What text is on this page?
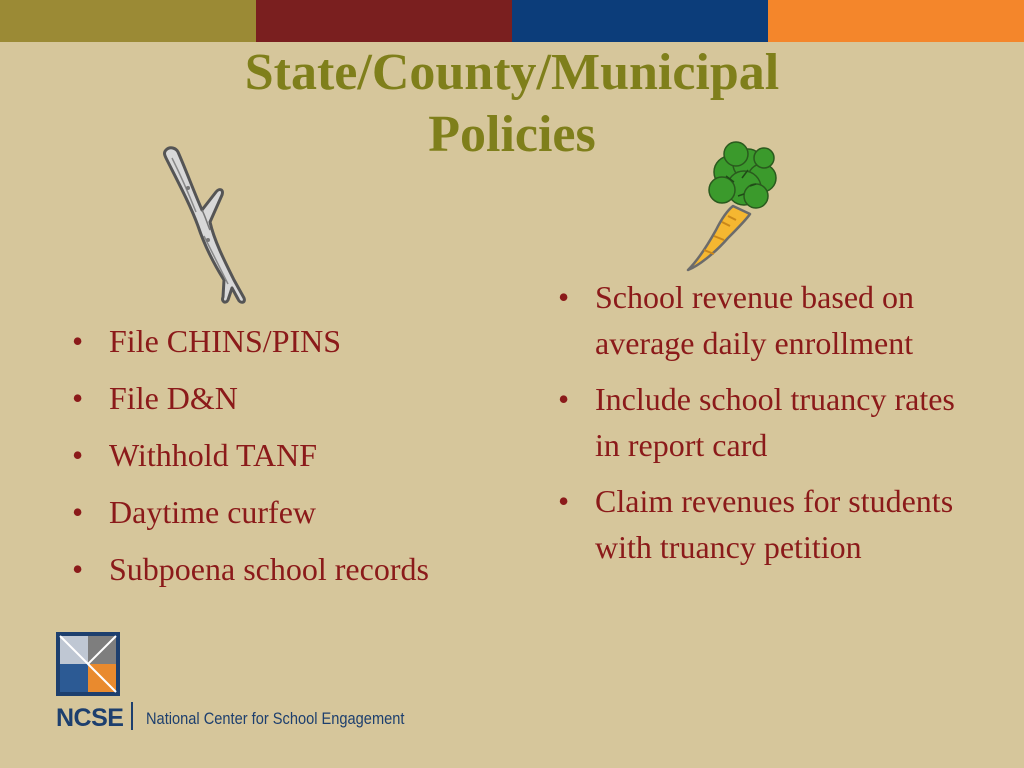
State/County/Municipal
Policies
• File CHINS/PINS
• File D&N
• Withhold TANF
• Daytime curfew
• Subpoena school records
• School revenue based on average daily enrollment
• Include school truancy rates in report card
• Claim revenues for students with truancy petition
NCSE National Center for School Engagement
